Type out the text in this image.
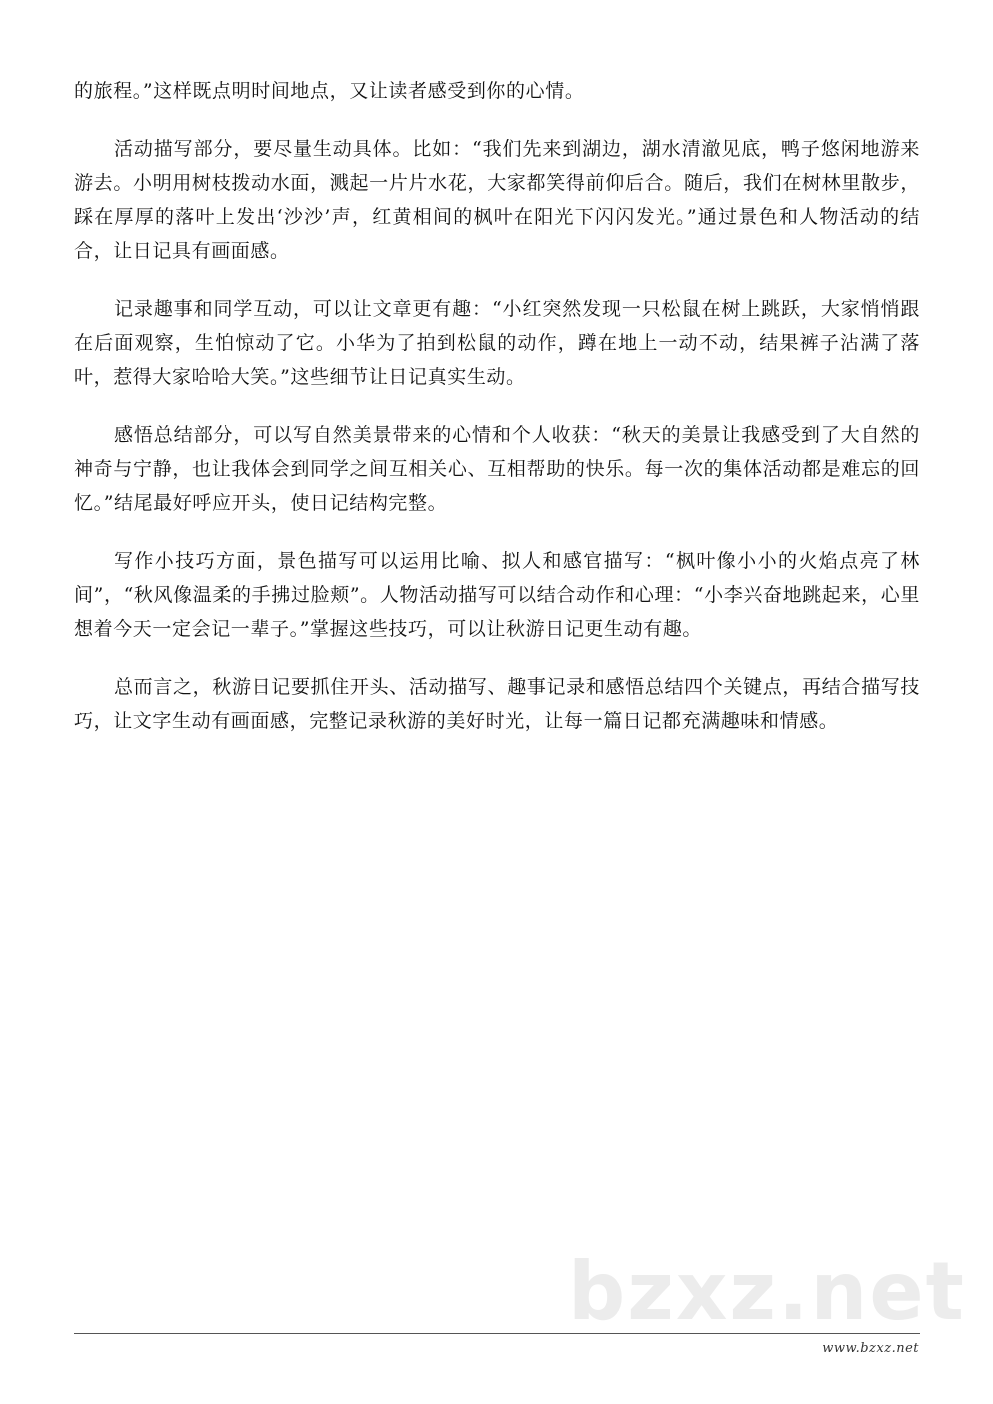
的旅程。”这样既点明时间地点，又让读者感受到你的心情。

活动描写部分，要尽量生动具体。比如：“我们先来到湖边，湖水清澈见底，鸭子悠闲地游来游去。小明用树枝拨动水面，溅起一片片水花，大家都笑得前仰后合。随后，我们在树林里散步，踩在厚厚的落叶上发出‘沙沙’声，红黄相间的枫叶在阳光下闪闪发光。”通过景色和人物活动的结合，让日记具有画面感。

记录趣事和同学互动，可以让文章更有趣：“小红突然发现一只松鼠在树上跳跃，大家悄悄跟在后面观察，生怕惊动了它。小华为了拍到松鼠的动作，蹲在地上一动不动，结果裤子沾满了落叶，惹得大家哈哈大笑。”这些细节让日记真实生动。

感悟总结部分，可以写自然美景带来的心情和个人收获：“秋天的美景让我感受到了大自然的神奇与宁静，也让我体会到同学之间互相关心、互相帮助的快乐。每一次的集体活动都是难忘的回忆。”结尾最好呼应开头，使日记结构完整。

写作小技巧方面，景色描写可以运用比喻、拟人和感官描写：“枫叶像小小的火焰点亮了林间”，“秋风像温柔的手拂过脸颊”。人物活动描写可以结合动作和心理：“小李兴奋地跳起来，心里想着今天一定会记一辈子。”掌握这些技巧，可以让秋游日记更生动有趣。

总而言之，秋游日记要抓住开头、活动描写、趣事记录和感悟总结四个关键点，再结合描写技巧，让文字生动有画面感，完整记录秋游的美好时光，让每一篇日记都充满趣味和情感。

bzxz.net
www.bzxz.net
